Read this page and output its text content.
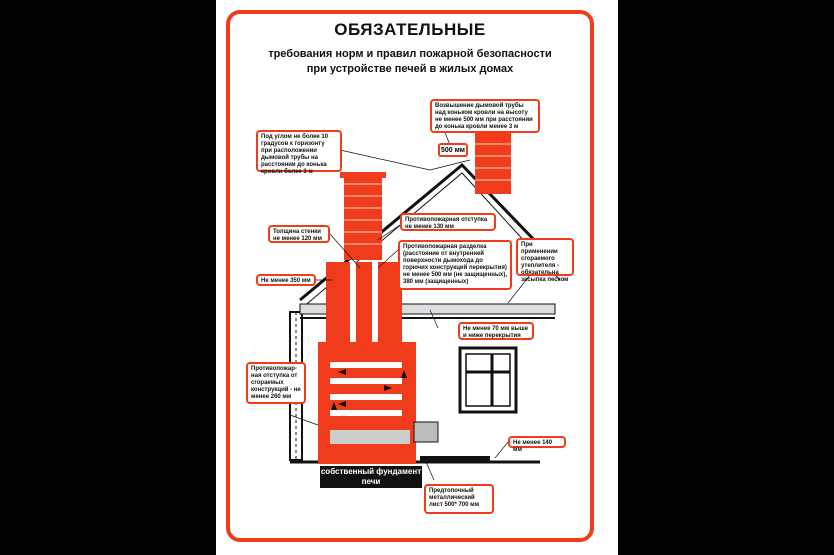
ОБЯЗАТЕЛЬНЫЕ
требования норм и правил пожарной безопасности
при устройстве печей в жилых домах
Возвышение дымовой трубы над коньком кровли на высоту не менее 500 мм при расстоянии до конька кровли менее 3 м
Под углом не более 10 градусов к горизонту при расположении дымовой трубы на расстоянии до конька кровли более 3 м
500 мм
Противопожарная отступка не менее 130 мм
Толщина стенки не менее 120 мм
Противопожарная разделка (расстояние от внутренней поверхности дымохода до горючих конструкций перекрытия) не менее 500 мм (не защищенных), 380 мм (защищенных)
При применении сгораемого утеплителя - обязательна засыпка песком
Не менее 350 мм
Не менее 70 мм выше и ниже перекрытия
Противопожар-ная отступка от сгораемых конструкций - не менее 260 мм
Не менее 140 мм
собственный фундамент печи
Предтопочный металлический лист 500* 700 мм
